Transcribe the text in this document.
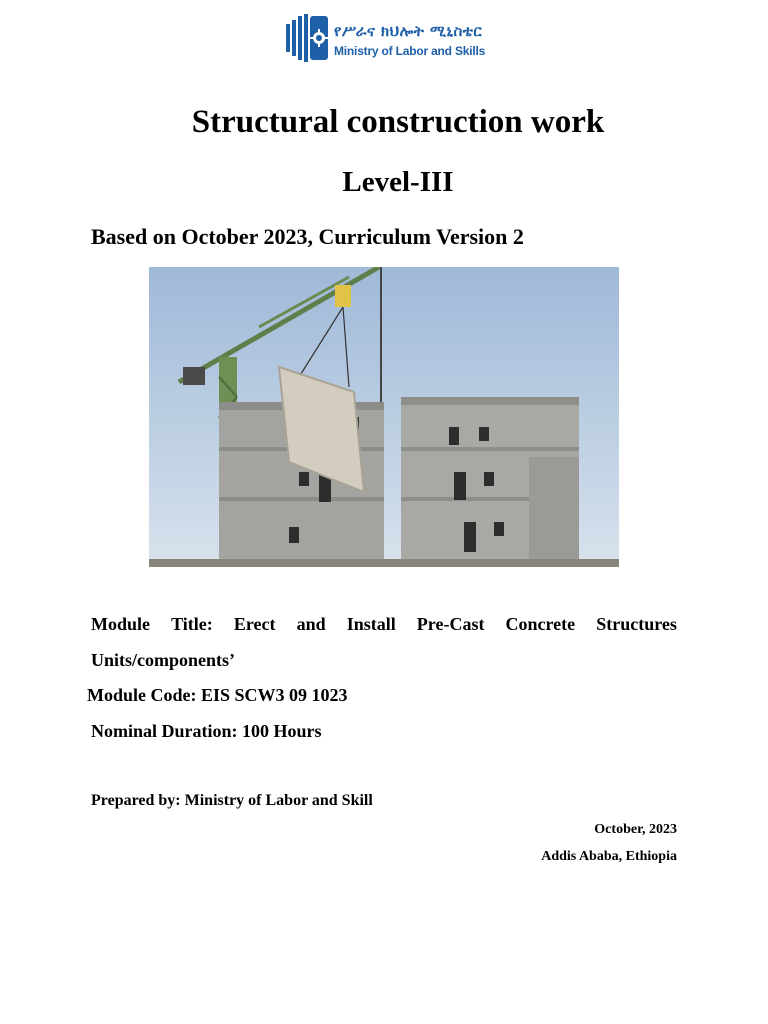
የሥራና ክህሎት ሚኒስቴር
Ministry of Labor and Skills
Structural construction work
Level-III
Based on October 2023, Curriculum Version 2
Module Title: Erect and Install Pre-Cast Concrete Structures
Units/components’
Module Code: EIS SCW3 09 1023
Nominal Duration: 100 Hours
Prepared by: Ministry of Labor and Skill
October, 2023
Addis Ababa, Ethiopia
